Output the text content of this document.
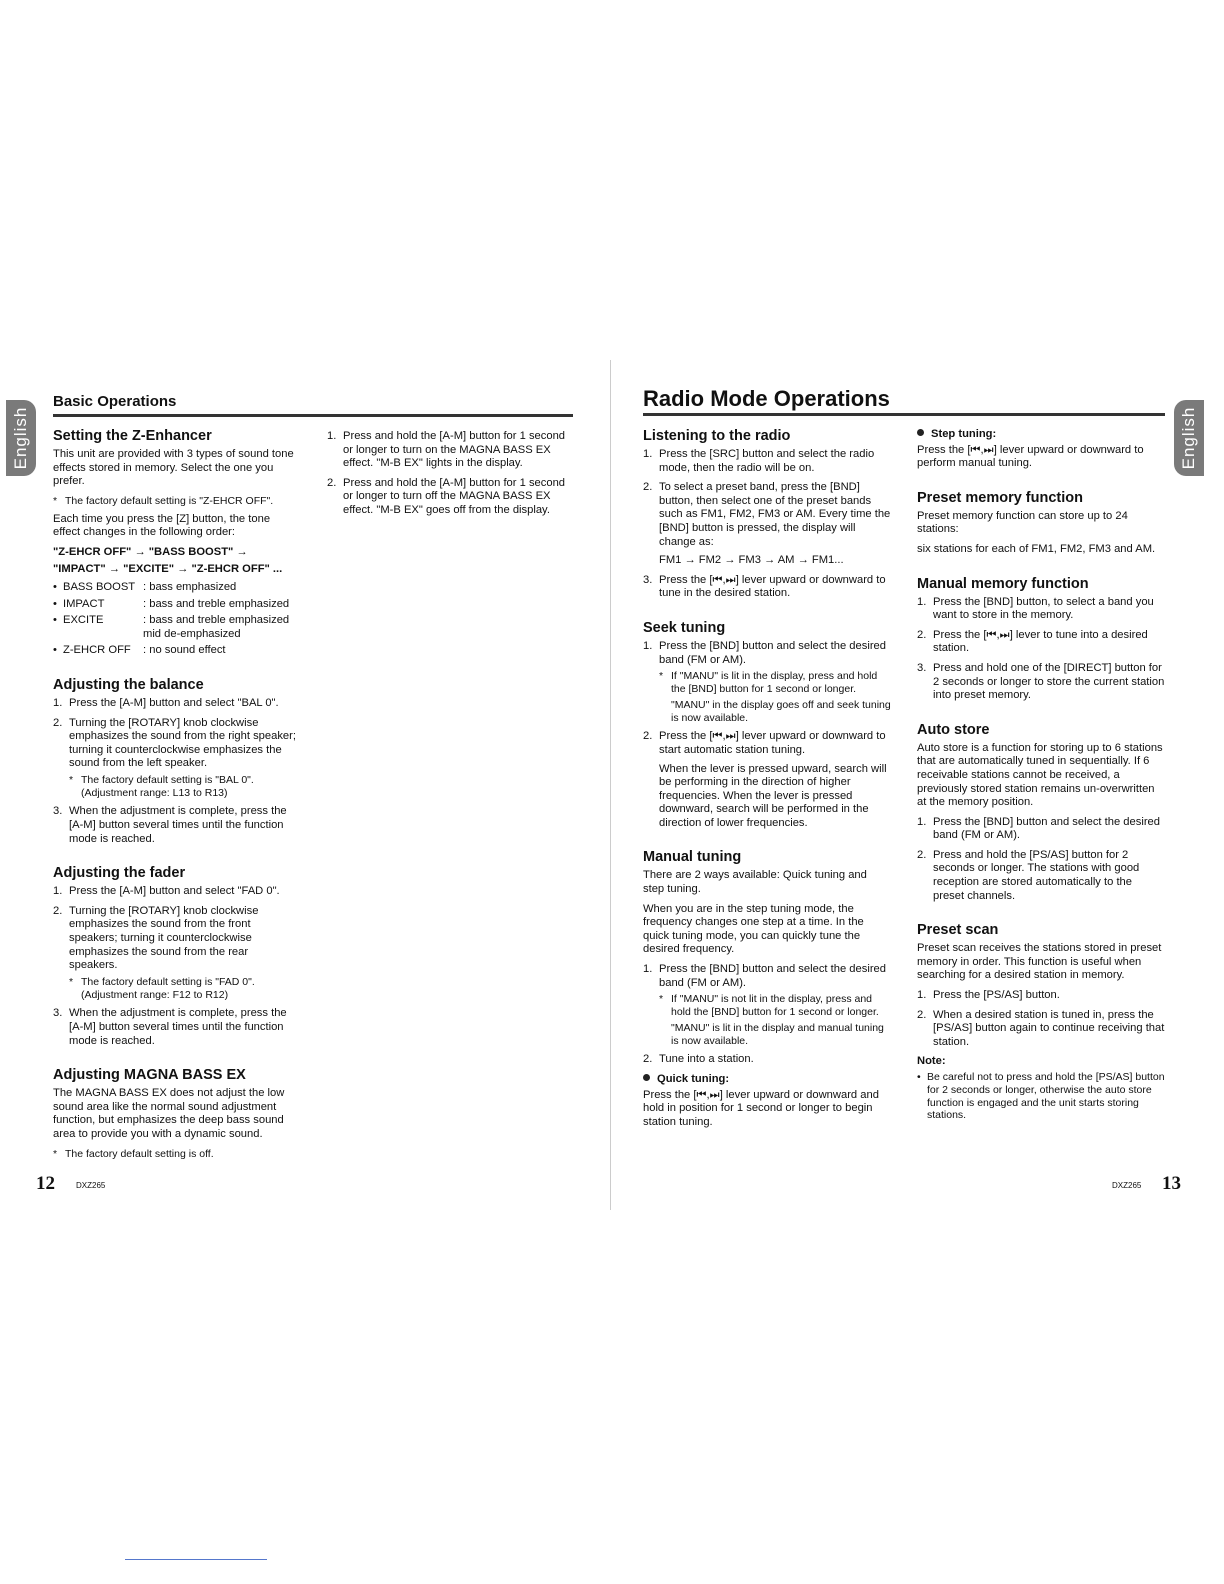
English
Basic Operations
Setting the Z-Enhancer

This unit are provided with 3 types of sound tone effects stored in memory. Select the one you prefer.

* The factory default setting is "Z-EHCR OFF".

Each time you press the [Z] button, the tone effect changes in the following order:

"Z-EHCR OFF" → "BASS BOOST" →
"IMPACT" → "EXCITE" → "Z-EHCR OFF" ...
• BASS BOOST : bass emphasized
• IMPACT	: bass and treble emphasized
• EXCITE	: bass and treble emphasized mid de-emphasized
• Z-EHCR OFF	: no sound effect
Adjusting the balance
1. Press the [A-M] button and select "BAL 0".
2. Turning the [ROTARY] knob clockwise emphasizes the sound from the right speaker; turning it counterclockwise emphasizes the sound from the left speaker.
* The factory default setting is "BAL 0".
(Adjustment range: L13 to R13)
3. When the adjustment is complete, press the [A-M] button several times until the function mode is reached.
Adjusting the fader
1. Press the [A-M] button and select "FAD 0".
2. Turning the [ROTARY] knob clockwise emphasizes the sound from the front speakers; turning it counterclockwise emphasizes the sound from the rear speakers.
* The factory default setting is "FAD 0".
(Adjustment range: F12 to R12)
3. When the adjustment is complete, press the [A-M] button several times until the function mode is reached.
Adjusting MAGNA BASS EX

The MAGNA BASS EX does not adjust the low sound area like the normal sound adjustment function, but emphasizes the deep bass sound area to provide you with a dynamic sound.

* The factory default setting is off.
1. Press and hold the [A-M] button for 1 second or longer to turn on the MAGNA BASS EX effect. "M-B EX" lights in the display.
2. Press and hold the [A-M] button for 1 second or longer to turn off the MAGNA BASS EX effect. "M-B EX" goes off from the display.
12	DXZ265
Radio Mode Operations
English
Listening to the radio
1. Press the [SRC] button and select the radio mode, then the radio will be on.
2. To select a preset band, press the [BND] button, then select one of the preset bands such as FM1, FM2, FM3 or AM. Every time the [BND] button is pressed, the display will change as:
FM1 → FM2 → FM3 → AM → FM1...
3. Press the [⏮,⏭] lever upward or downward to tune in the desired station.
Seek tuning
1. Press the [BND] button and select the desired band (FM or AM).
* If "MANU" is lit in the display, press and hold the [BND] button for 1 second or longer.

"MANU" in the display goes off and seek tuning is now available.
2. Press the [⏮,⏭] lever upward or downward to start automatic station tuning.
When the lever is pressed upward, search will be performing in the direction of higher frequencies. When the lever is pressed downward, search will be performed in the direction of lower frequencies.
Manual tuning

There are 2 ways available: Quick tuning and step tuning.

When you are in the step tuning mode, the frequency changes one step at a time. In the quick tuning mode, you can quickly tune the desired frequency.

1. Press the [BND] button and select the desired band (FM or AM).
* If "MANU" is not lit in the display, press and hold the [BND] button for 1 second or longer.

"MANU" is lit in the display and manual tuning is now available.
2. Tune into a station.
Quick tuning:

Press the [⏮,⏭] lever upward or downward and hold in position for 1 second or longer to begin station tuning.

Step tuning:

Press the [⏮,⏭] lever upward or downward to perform manual tuning.

Preset memory function

Preset memory function can store up to 24 stations:

six stations for each of FM1, FM2, FM3 and AM.

Manual memory function
1. Press the [BND] button, to select a band you want to store in the memory.
2. Press the [⏮,⏭] lever to tune into a desired station.
3. Press and hold one of the [DIRECT] button for 2 seconds or longer to store the current station into preset memory.
Auto store

Auto store is a function for storing up to 6 stations that are automatically tuned in sequentially. If 6 receivable stations cannot be received, a previously stored station remains un-overwritten at the memory position.

1. Press the [BND] button and select the desired band (FM or AM).
2. Press and hold the [PS/AS] button for 2 seconds or longer. The stations with good reception are stored automatically to the preset channels.
Preset scan

Preset scan receives the stations stored in preset memory in order. This function is useful when searching for a desired station in memory.

1. Press the [PS/AS] button.
2. When a desired station is tuned in, press the [PS/AS] button again to continue receiving that station.
Note:
• Be careful not to press and hold the [PS/AS] button for 2 seconds or longer, otherwise the auto store function is engaged and the unit starts storing stations.
DXZ265 13
